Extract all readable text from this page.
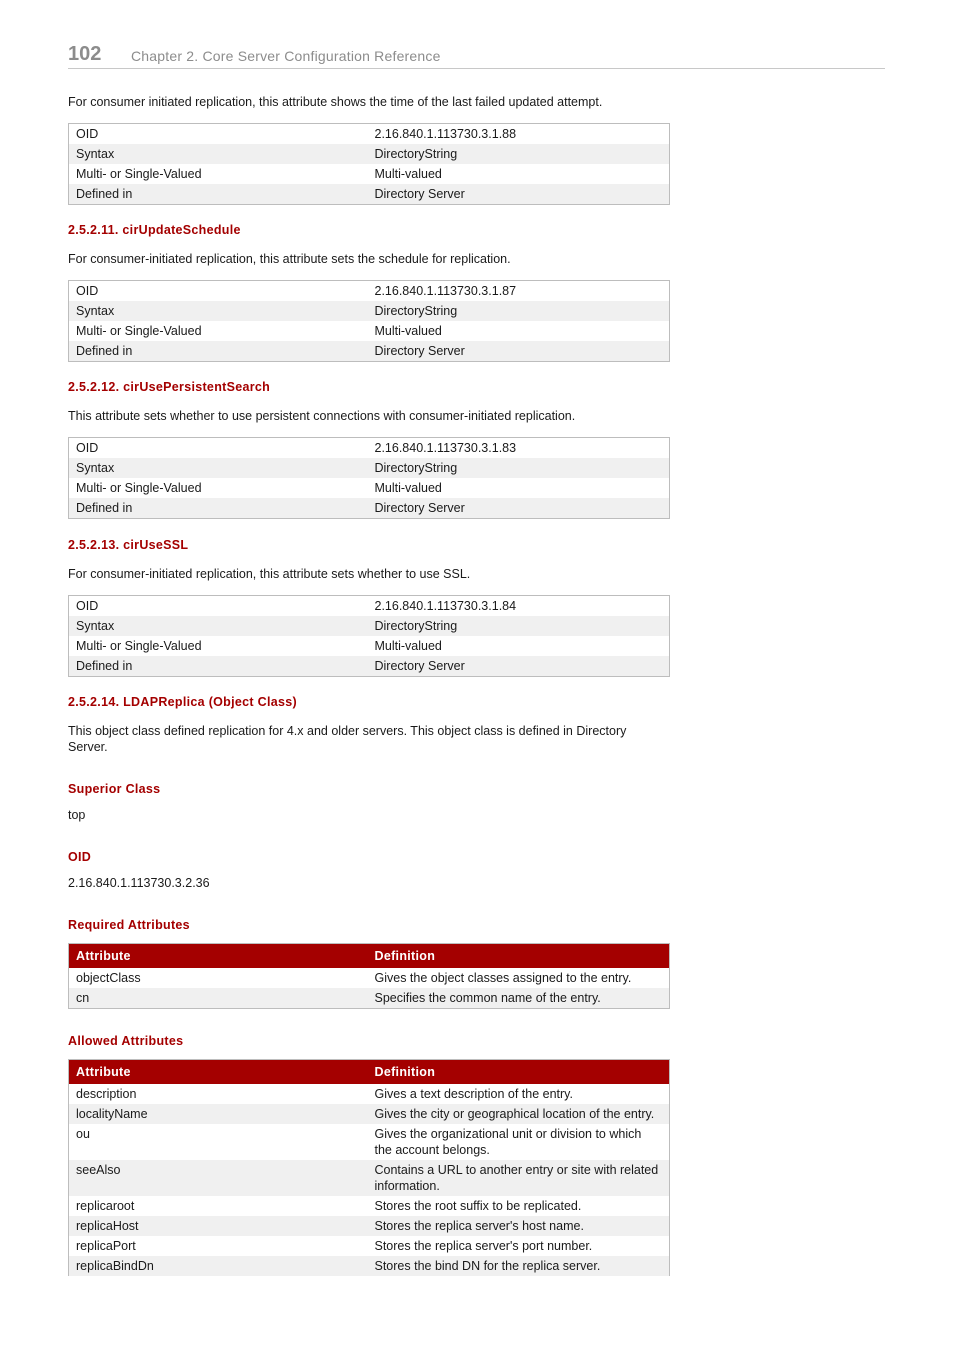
102 Chapter 2. Core Server Configuration Reference

For consumer initiated replication, this attribute shows the time of the last failed updated attempt.

OID	2.16.840.1.113730.3.1.88
Syntax	DirectoryString
Multi- or Single-Valued	Multi-valued
Defined in	Directory Server
2.5.2.11. cirUpdateSchedule

For consumer-initiated replication, this attribute sets the schedule for replication.

OID	2.16.840.1.113730.3.1.87
Syntax	DirectoryString
Multi- or Single-Valued	Multi-valued
Defined in	Directory Server
2.5.2.12. cirUsePersistentSearch

This attribute sets whether to use persistent connections with consumer-initiated replication.

OID	2.16.840.1.113730.3.1.83
Syntax	DirectoryString
Multi- or Single-Valued	Multi-valued
Defined in	Directory Server
2.5.2.13. cirUseSSL

For consumer-initiated replication, this attribute sets whether to use SSL.

OID	2.16.840.1.113730.3.1.84
Syntax	DirectoryString
Multi- or Single-Valued	Multi-valued
Defined in	Directory Server
2.5.2.14. LDAPReplica (Object Class)

This object class defined replication for 4.x and older servers. This object class is defined in Directory Server.

Superior Class

top

OID

2.16.840.1.113730.3.2.36

Required Attributes
Attribute	Definition
objectClass	Gives the object classes assigned to the entry.
cn	Specifies the common name of the entry.
Allowed Attributes
Attribute	Definition
description	Gives a text description of the entry.
localityName	Gives the city or geographical location of the entry.
ou	Gives the organizational unit or division to which the account belongs.
seeAlso	Contains a URL to another entry or site with related information.
replicaroot	Stores the root suffix to be replicated.
replicaHost	Stores the replica server's host name.
replicaPort	Stores the replica server's port number.
replicaBindDn	Stores the bind DN for the replica server.
